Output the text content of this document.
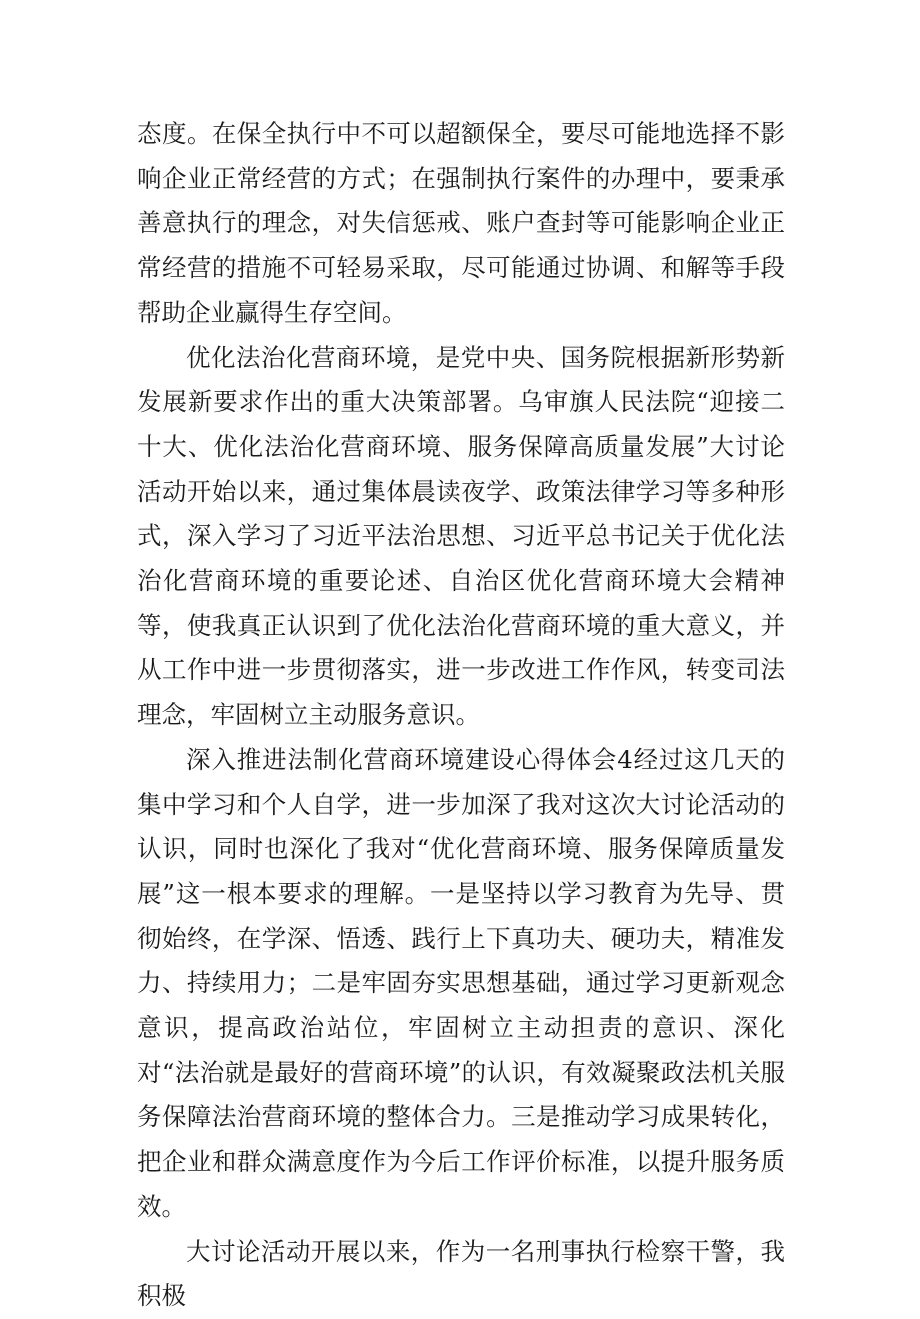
态度。在保全执行中不可以超额保全，要尽可能地选择不影响企业正常经营的方式；在强制执行案件的办理中，要秉承善意执行的理念，对失信惩戒、账户查封等可能影响企业正常经营的措施不可轻易采取，尽可能通过协调、和解等手段帮助企业赢得生存空间。

优化法治化营商环境，是党中央、国务院根据新形势新发展新要求作出的重大决策部署。乌审旗人民法院“迎接二十大、优化法治化营商环境、服务保障高质量发展”大讨论活动开始以来，通过集体晨读夜学、政策法律学习等多种形式，深入学习了习近平法治思想、习近平总书记关于优化法治化营商环境的重要论述、自治区优化营商环境大会精神等，使我真正认识到了优化法治化营商环境的重大意义，并从工作中进一步贯彻落实，进一步改进工作作风，转变司法理念，牢固树立主动服务意识。

深入推进法制化营商环境建设心得体会4经过这几天的集中学习和个人自学，进一步加深了我对这次大讨论活动的认识，同时也深化了我对“优化营商环境、服务保障质量发展”这一根本要求的理解。一是坚持以学习教育为先导、贯彻始终，在学深、悟透、践行上下真功夫、硬功夫，精准发力、持续用力；二是牢固夯实思想基础，通过学习更新观念意识，提高政治站位，牢固树立主动担责的意识、深化对“法治就是最好的营商环境”的认识，有效凝聚政法机关服务保障法治营商环境的整体合力。三是推动学习成果转化，把企业和群众满意度作为今后工作评价标准，以提升服务质效。

大讨论活动开展以来，作为一名刑事执行检察干警，我积极
